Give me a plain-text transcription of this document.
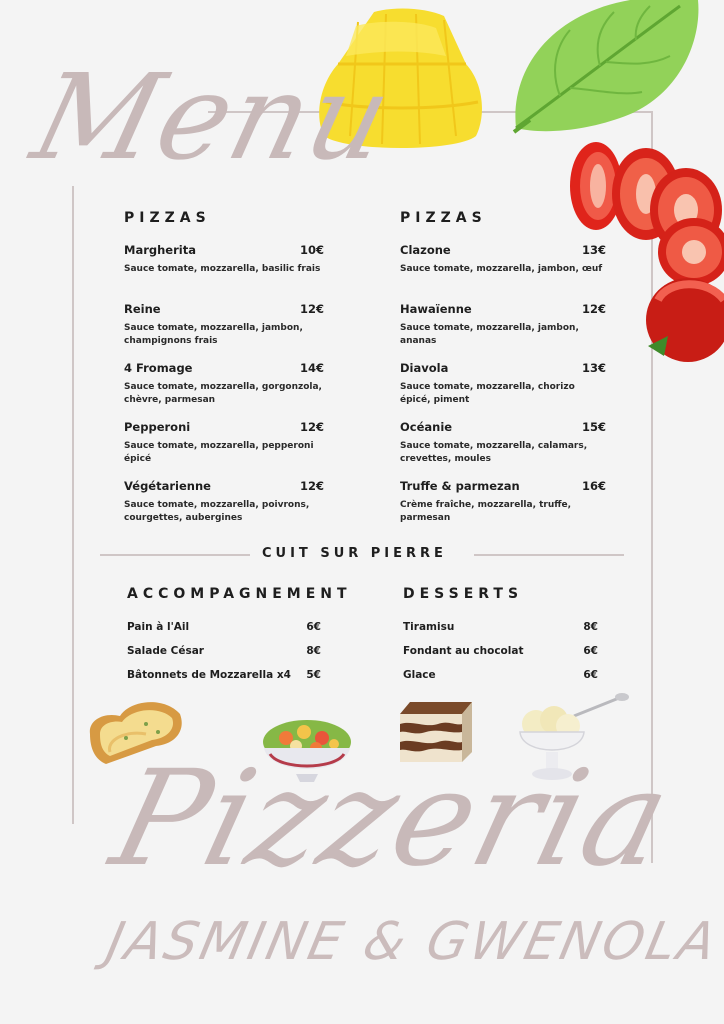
Menu
PIZZAS
Margherita	10€
Sauce tomate, mozzarella, basilic frais
Reine	12€
Sauce tomate, mozzarella, jambon, champignons frais
4 Fromage	14€
Sauce tomate, mozzarella, gorgonzola, chèvre, parmesan
Pepperoni	12€
Sauce tomate, mozzarella, pepperoni épicé
Végétarienne	12€
Sauce tomate, mozzarella, poivrons, courgettes, aubergines
PIZZAS
Clazone	13€
Sauce tomate, mozzarella, jambon, œuf
Hawaïenne	12€
Sauce tomate, mozzarella, jambon, ananas
Diavola	13€
Sauce tomate, mozzarella, chorizo épicé, piment
Océanie	15€
Sauce tomate, mozzarella, calamars, crevettes, moules
Truffe & parmezan	16€
Crème fraîche, mozzarella, truffe, parmesan
CUIT SUR PIERRE
ACCOMPAGNEMENT
Pain à l'Ail	6€
Salade César	8€
Bâtonnets de Mozzarella x4 5€
DESSERTS
Tiramisu	8€
Fondant au chocolat	6€
Glace	6€
Pizzeria
JASMINE & GWENOLA
